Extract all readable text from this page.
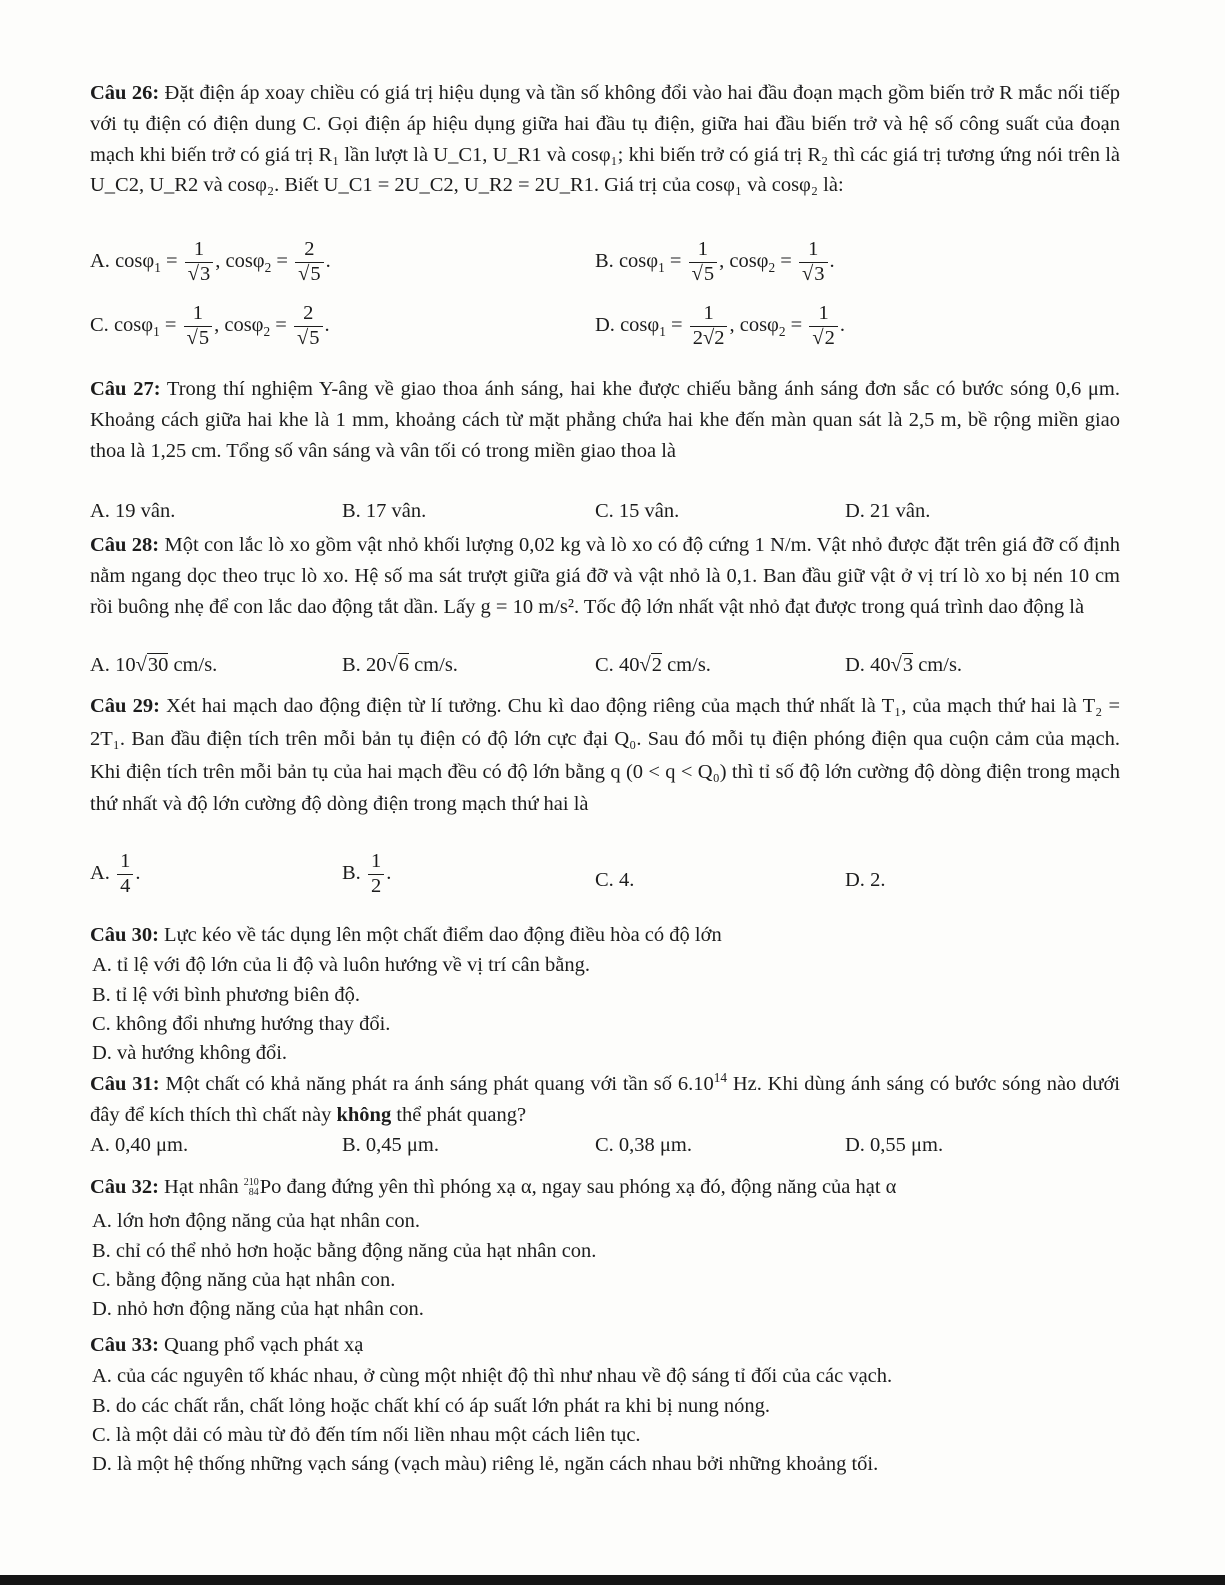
Câu 26: Đặt điện áp xoay chiều có giá trị hiệu dụng và tần số không đổi vào hai đầu đoạn mạch gồm biến trở R mắc nối tiếp với tụ điện có điện dung C. Gọi điện áp hiệu dụng giữa hai đầu tụ điện, giữa hai đầu biến trở và hệ số công suất của đoạn mạch khi biến trở có giá trị R₁ lần lượt là U_C1, U_R1 và cosφ₁; khi biến trở có giá trị R₂ thì các giá trị tương ứng nói trên là U_C2, U_R2 và cosφ₂. Biết U_C1 = 2U_C2, U_R2 = 2U_R1. Giá trị của cosφ₁ và cosφ₂ là:
A. $\cos\varphi_1 = \frac{1}{√3}$ , $\cos\varphi_2 = \frac{2}{√5}$ .	B. $\cos\varphi_1 = \frac{1}{√5}$ , $\cos\varphi_2 = \frac{1}{√3}$ .
C. $\cos\varphi_1 = \frac{1}{√5}$ , $\cos\varphi_2 = \frac{2}{√5}$ .	D. $\cos\varphi_1 = \frac{1}{2√2}$ , $\cos\varphi_2 = \frac{1}{√2}$ .
Câu 27: Trong thí nghiệm Y-âng về giao thoa ánh sáng, hai khe được chiếu bằng ánh sáng đơn sắc có bước sóng 0,6 μm. Khoảng cách giữa hai khe là 1 mm, khoảng cách từ mặt phẳng chứa hai khe đến màn quan sát là 2,5 m, bề rộng miền giao thoa là 1,25 cm. Tổng số vân sáng và vân tối có trong miền giao thoa là
A. 19 vân.	B. 17 vân.	C. 15 vân.	D. 21 vân.
Câu 28: Một con lắc lò xo gồm vật nhỏ khối lượng 0,02 kg và lò xo có độ cứng 1 N/m. Vật nhỏ được đặt trên giá đỡ cố định nằm ngang dọc theo trục lò xo. Hệ số ma sát trượt giữa giá đỡ và vật nhỏ là 0,1. Ban đầu giữ vật ở vị trí lò xo bị nén 10 cm rồi buông nhẹ để con lắc dao động tắt dần. Lấy g = 10 m/s². Tốc độ lớn nhất vật nhỏ đạt được trong quá trình dao động là
A. 10√30 cm/s.	B. 20√6 cm/s.	C. 40√2 cm/s.	D. 40√3 cm/s.
Câu 29: Xét hai mạch dao động điện từ lí tưởng. Chu kì dao động riêng của mạch thứ nhất là T₁, của mạch thứ hai là T₂ = 2T₁. Ban đầu điện tích trên mỗi bản tụ điện có độ lớn cực đại Q₀. Sau đó mỗi tụ điện phóng điện qua cuộn cảm của mạch. Khi điện tích trên mỗi bản tụ của hai mạch đều có độ lớn bằng q (0 < q < Q₀) thì tỉ số độ lớn cường độ dòng điện trong mạch thứ nhất và độ lớn cường độ dòng điện trong mạch thứ hai là
A. $\frac{1}{4}$ .	B. $\frac{1}{2}$ .	C. 4.	D. 2.
Câu 30: Lực kéo về tác dụng lên một chất điểm dao động điều hòa có độ lớn
A. tỉ lệ với độ lớn của li độ và luôn hướng về vị trí cân bằng.
B. tỉ lệ với bình phương biên độ.
C. không đổi nhưng hướng thay đổi.
D. và hướng không đổi.
Câu 31: Một chất có khả năng phát ra ánh sáng phát quang với tần số 6.10$^{14}$ Hz. Khi dùng ánh sáng có bước sóng nào dưới đây để kích thích thì chất này không thể phát quang?
A. 0,40 μm.	B. 0,45 μm.	C. 0,38 μm.	D. 0,55 μm.
Câu 32: Hạt nhân 210
84 Po đang đứng yên thì phóng xạ α, ngay sau phóng xạ đó, động năng của hạt α
A. lớn hơn động năng của hạt nhân con.
B. chỉ có thể nhỏ hơn hoặc bằng động năng của hạt nhân con.
C. bằng động năng của hạt nhân con.
D. nhỏ hơn động năng của hạt nhân con.
Câu 33: Quang phổ vạch phát xạ
A. của các nguyên tố khác nhau, ở cùng một nhiệt độ thì như nhau về độ sáng tỉ đối của các vạch.
B. do các chất rắn, chất lỏng hoặc chất khí có áp suất lớn phát ra khi bị nung nóng.
C. là một dải có màu từ đỏ đến tím nối liền nhau một cách liên tục.
D. là một hệ thống những vạch sáng (vạch màu) riêng lẻ, ngăn cách nhau bởi những khoảng tối.
